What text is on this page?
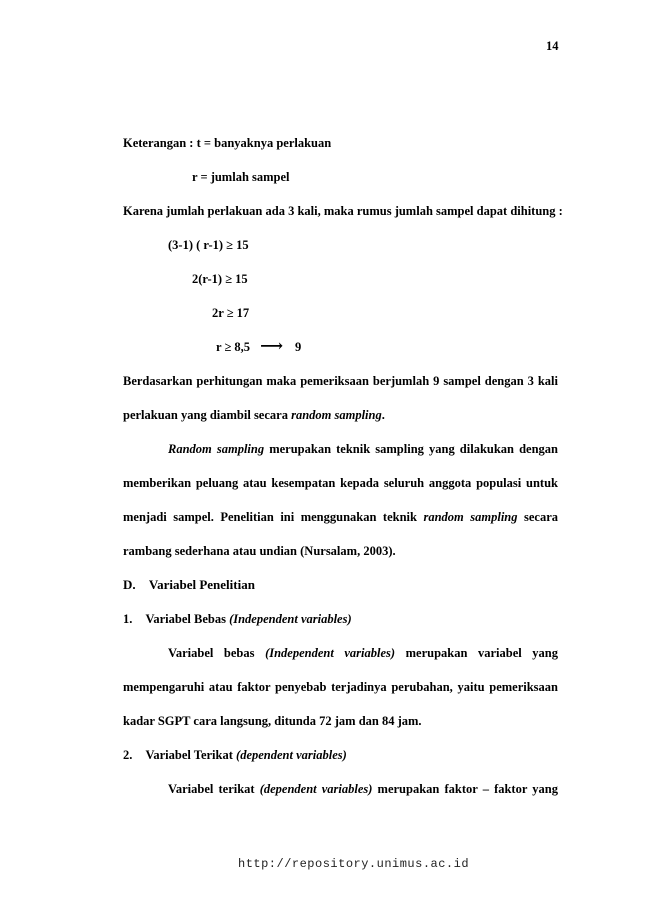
14
Keterangan : t = banyaknya perlakuan
r = jumlah sampel
Karena jumlah perlakuan ada 3 kali, maka rumus jumlah sampel dapat dihitung :
(3-1) ( r-1) ≥ 15
2(r-1) ≥ 15
2r ≥ 17
r ≥ 8,5 ⟶ 9
Berdasarkan perhitungan maka pemeriksaan berjumlah 9 sampel dengan 3 kali
perlakuan yang diambil secara random sampling.
Random sampling merupakan teknik sampling yang dilakukan dengan
memberikan peluang atau kesempatan kepada seluruh anggota populasi untuk
menjadi sampel. Penelitian ini menggunakan teknik random sampling secara
rambang sederhana atau undian (Nursalam, 2003).
D. Variabel Penelitian
1. Variabel Bebas (Independent variables)
Variabel bebas (Independent variables) merupakan variabel yang
mempengaruhi atau faktor penyebab terjadinya perubahan, yaitu pemeriksaan
kadar SGPT cara langsung, ditunda 72 jam dan 84 jam.
2. Variabel Terikat (dependent variables)
Variabel terikat (dependent variables) merupakan faktor – faktor yang
http://repository.unimus.ac.id
